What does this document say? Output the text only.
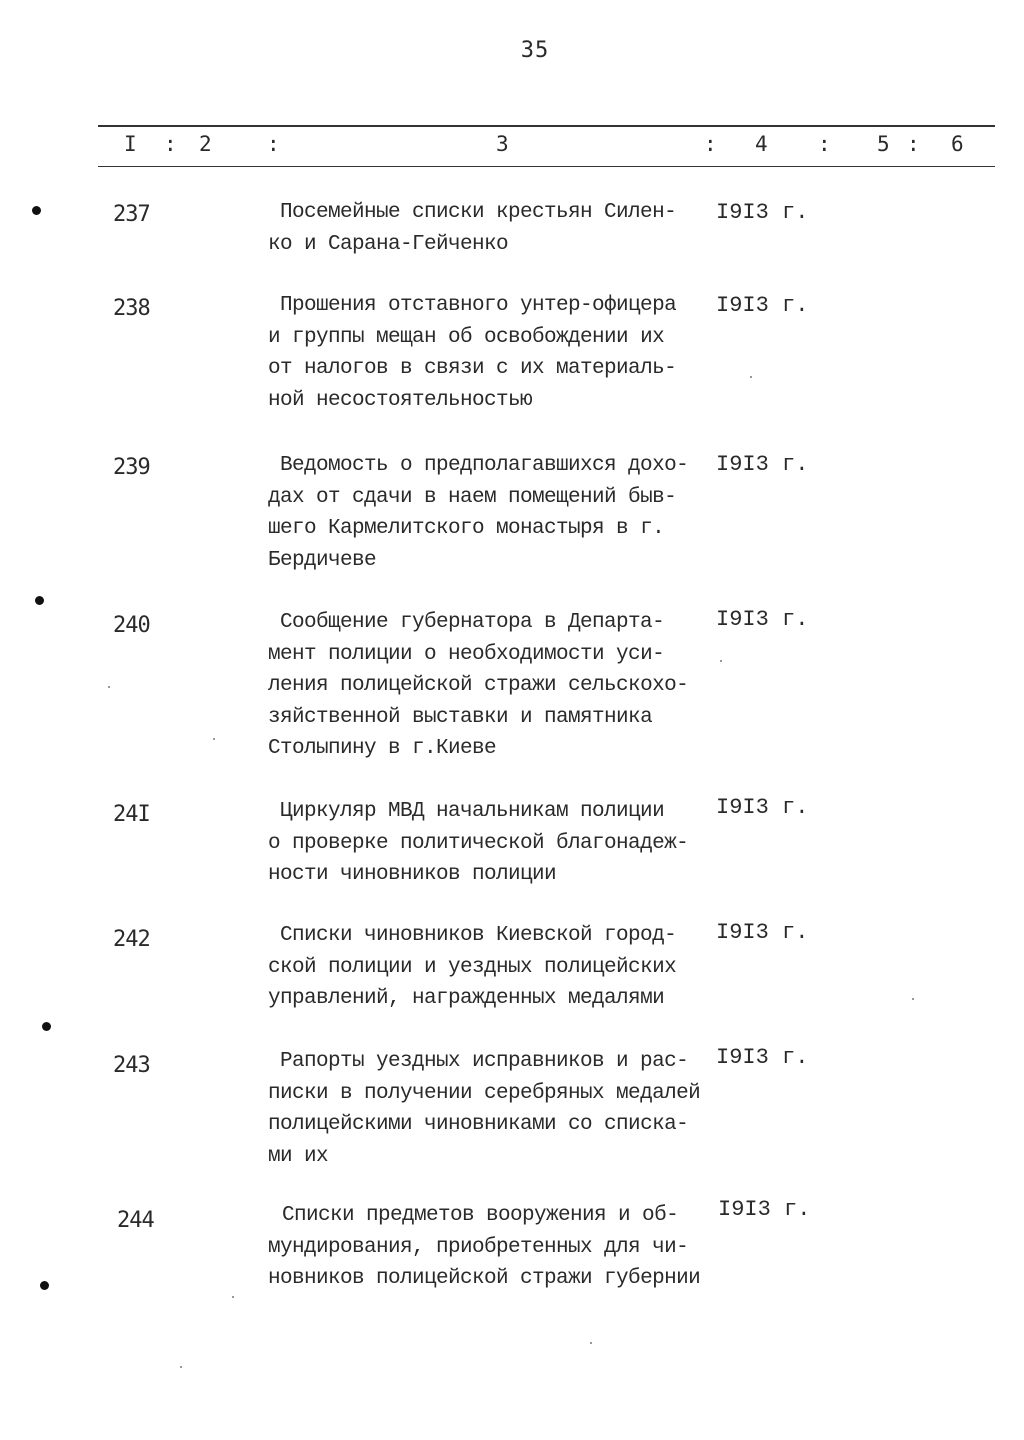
35
I : 2	:	3	: 4 : 5 : 6
237	Посемейные списки крестьян Силен-
ко и Сарана-Гейченко
I9I3 г.
238	Прошения отставного унтер-офицера
и группы мещан об освобождении их
от налогов в связи с их материаль-
ной несостоятельностью
I9I3 г.
239	Ведомость о предполагавшихся дохо-
дах от сдачи в наем помещений быв-
шего Кармелитского монастыря в г.
Бердичеве
I9I3 г.
240	Сообщение губернатора в Департа-
мент полиции о необходимости уси-
ления полицейской стражи сельскохо-
зяйственной выставки и памятника
Столыпину в г.Киеве
I9I3 г.
24I	Циркуляр МВД начальникам полиции
о проверке политической благонадеж-
ности чиновников полиции
I9I3 г.
242	Списки чиновников Киевской город-
ской полиции и уездных полицейских
управлений, награжденных медалями
I9I3 г.
243	Рапорты уездных исправников и рас-
писки в получении серебряных медалей
полицейскими чиновниками со списка-
ми их
I9I3 г.
244	Списки предметов вооружения и об-
мундирования, приобретенных для чи-
новников полицейской стражи губернии
I9I3 г.
